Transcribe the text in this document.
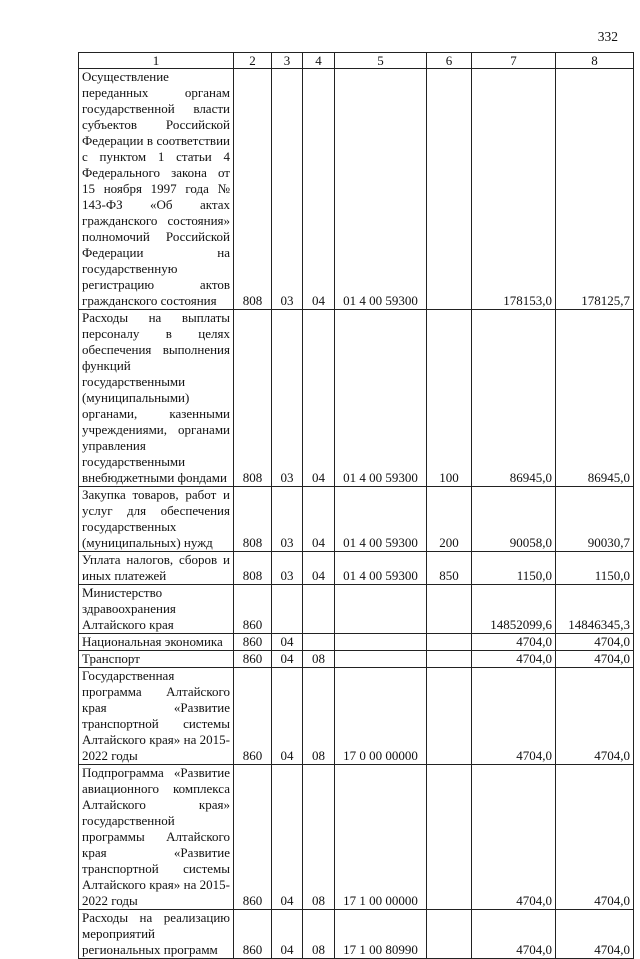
332
1	2	3	4	5	6	7	8
Осуществление переданных органам государственной власти субъектов Российской Федерации в соответствии с пунктом 1 статьи 4 Федерального закона от 15 ноября 1997 года № 143-ФЗ «Об актах гражданского состояния» полномочий Российской Федерации на государственную регистрацию актов гражданского состояния	808	03	04	01 4 00 59300		178153,0	178125,7
Расходы на выплаты персоналу в целях обеспечения выполнения функций государственными (муниципальными) органами, казенными учреждениями, органами управления государственными внебюджетными фондами	808	03	04	01 4 00 59300	100	86945,0	86945,0
Закупка товаров, работ и услуг для обеспечения государственных (муниципальных) нужд	808	03	04	01 4 00 59300	200	90058,0	90030,7
Уплата налогов, сборов и иных платежей	808	03	04	01 4 00 59300	850	1150,0	1150,0
Министерство здравоохранения Алтайского края	860					14852099,6	14846345,3
Национальная экономика	860	04				4704,0	4704,0
Транспорт	860	04	08			4704,0	4704,0
Государственная программа Алтайского края «Развитие транспортной системы Алтайского края» на 2015-2022 годы	860	04	08	17 0 00 00000		4704,0	4704,0
Подпрограмма «Развитие авиационного комплекса Алтайского края» государственной программы Алтайского края «Развитие транспортной системы Алтайского края» на 2015-2022 годы	860	04	08	17 1 00 00000		4704,0	4704,0
Расходы на реализацию мероприятий региональных программ	860	04	08	17 1 00 80990		4704,0	4704,0
